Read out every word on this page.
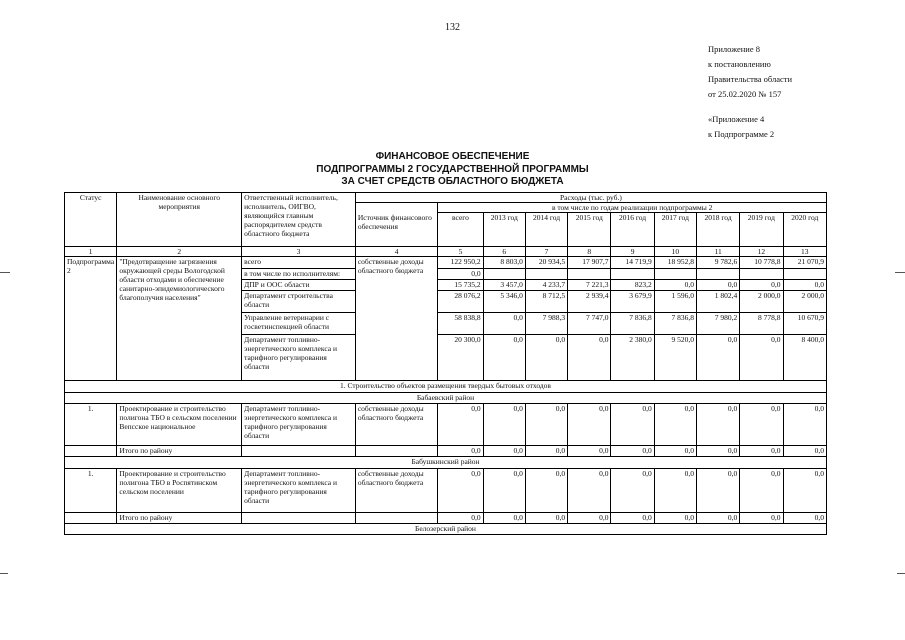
132
Приложение 8
к постановлению
Правительства области
от 25.02.2020 № 157
«Приложение 4
к Подпрограмме 2
ФИНАНСОВОЕ ОБЕСПЕЧЕНИЕ
ПОДПРОГРАММЫ 2 ГОСУДАРСТВЕННОЙ ПРОГРАММЫ
ЗА СЧЕТ СРЕДСТВ ОБЛАСТНОГО БЮДЖЕТА
Статус	Наименование основного мероприятия	Ответственный исполнитель, исполнитель, ОИГВО, являющийся главным распорядителем средств областного бюджета	Расходы (тыс. руб.)									
				в том числе по годам реализации подпрограммы 2								
			Источник финансового обеспечения	всего	2013 год	2014 год	2015 год	2016 год	2017 год	2018 год	2019 год	2020 год
1	2	3	4	5	6	7	8	9	10	11	12	13
Подпрограмма 2	"Предотвращение загрязнения окружающей среды Вологодской области отходами и обеспечение санитарно-эпидемиологического благополучия населения"	всего	собственные доходы областного бюджета	122 950,2	8 803,0	20 934,5	17 907,7	14 719,9	18 952,8	9 782,6	10 778,8	21 070,9
		в том числе по исполнителям:		0,0								
		ДПР и ООС области		15 735,2	3 457,0	4 233,7	7 221,3	823,2	0,0	0,0	0,0	0,0
		Департамент строительства области		28 076,2	5 346,0	8 712,5	2 939,4	3 679,9	1 596,0	1 802,4	2 000,0	2 000,0
		Управление ветеринарии с госветинспекцией области		58 838,8	0,0	7 988,3	7 747,0	7 836,8	7 836,8	7 980,2	8 778,8	10 670,9
		Департамент топливно-энергетического комплекса и тарифного регулирования области		20 300,0	0,0	0,0	0,0	2 380,0	9 520,0	0,0	0,0	8 400,0
1. Строительство объектов размещения твердых бытовых отходов												
Бабаевский район												
1.	Проектирование и строительство полигона ТБО в сельском поселении Вепсское национальное	Департамент топливно-энергетического комплекса и тарифного регулирования области	собственные доходы областного бюджета	0,0	0,0	0,0	0,0	0,0	0,0	0,0	0,0	0,0
	Итого по району			0,0	0,0	0,0	0,0	0,0	0,0	0,0	0,0	0,0
Бабушкинский район												
1.	Проектирование и строительство полигона ТБО в Роспятинском сельском поселении	Департамент топливно-энергетического комплекса и тарифного регулирования области	собственные доходы областного бюджета	0,0	0,0	0,0	0,0	0,0	0,0	0,0	0,0	0,0
	Итого по району			0,0	0,0	0,0	0,0	0,0	0,0	0,0	0,0	0,0
Белозерский район												
